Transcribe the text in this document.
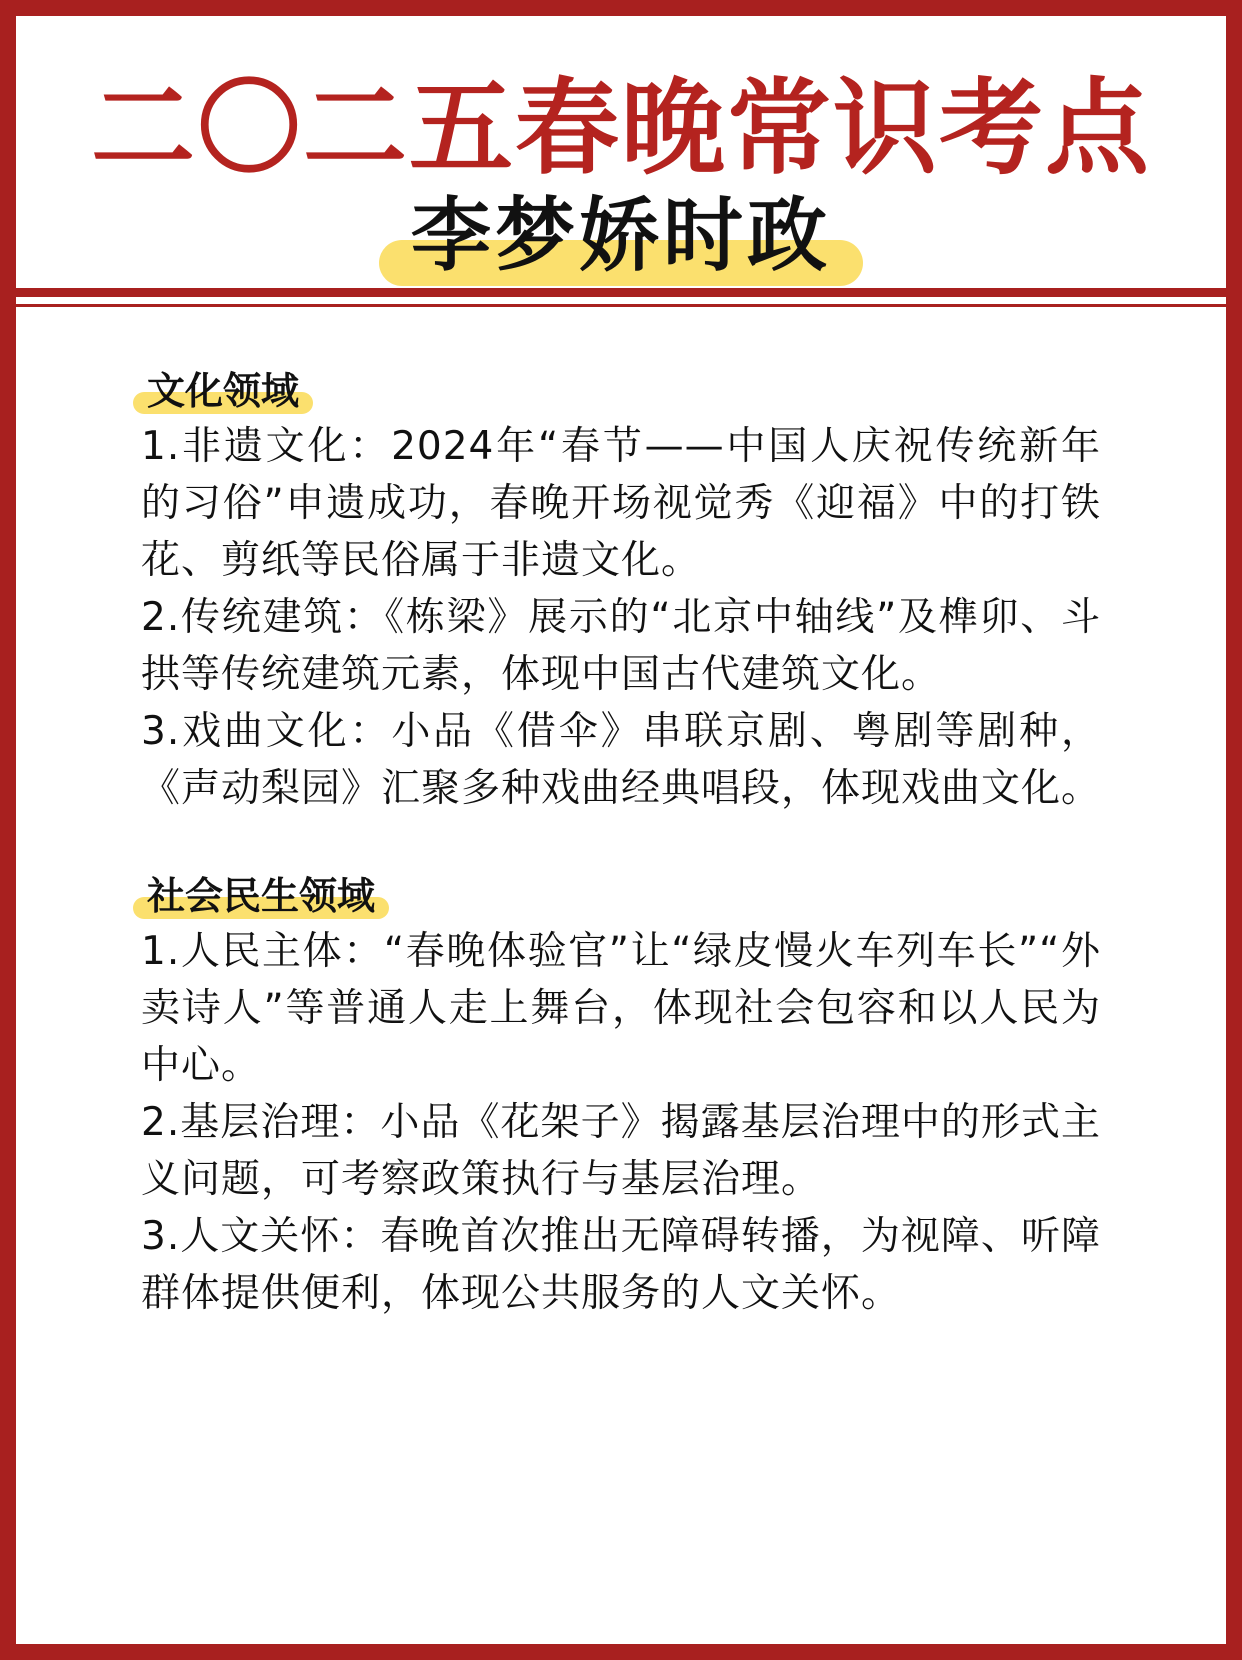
二〇二五春晚常识考点
李梦娇时政
文化领域

1.非遗文化：2024年“春节——中国人庆祝传统新年的习俗”申遗成功，春晚开场视觉秀《迎福》中的打铁花、剪纸等民俗属于非遗文化。

2.传统建筑：《栋梁》展示的“北京中轴线”及榫卯、斗拱等传统建筑元素，体现中国古代建筑文化。

3.戏曲文化：小品《借伞》串联京剧、粤剧等剧种，《声动梨园》汇聚多种戏曲经典唱段，体现戏曲文化。

社会民生领域

1.人民主体：“春晚体验官”让“绿皮慢火车列车长”“外卖诗人”等普通人走上舞台，体现社会包容和以人民为中心。

2.基层治理：小品《花架子》揭露基层治理中的形式主义问题，可考察政策执行与基层治理。

3.人文关怀：春晚首次推出无障碍转播，为视障、听障群体提供便利，体现公共服务的人文关怀。
